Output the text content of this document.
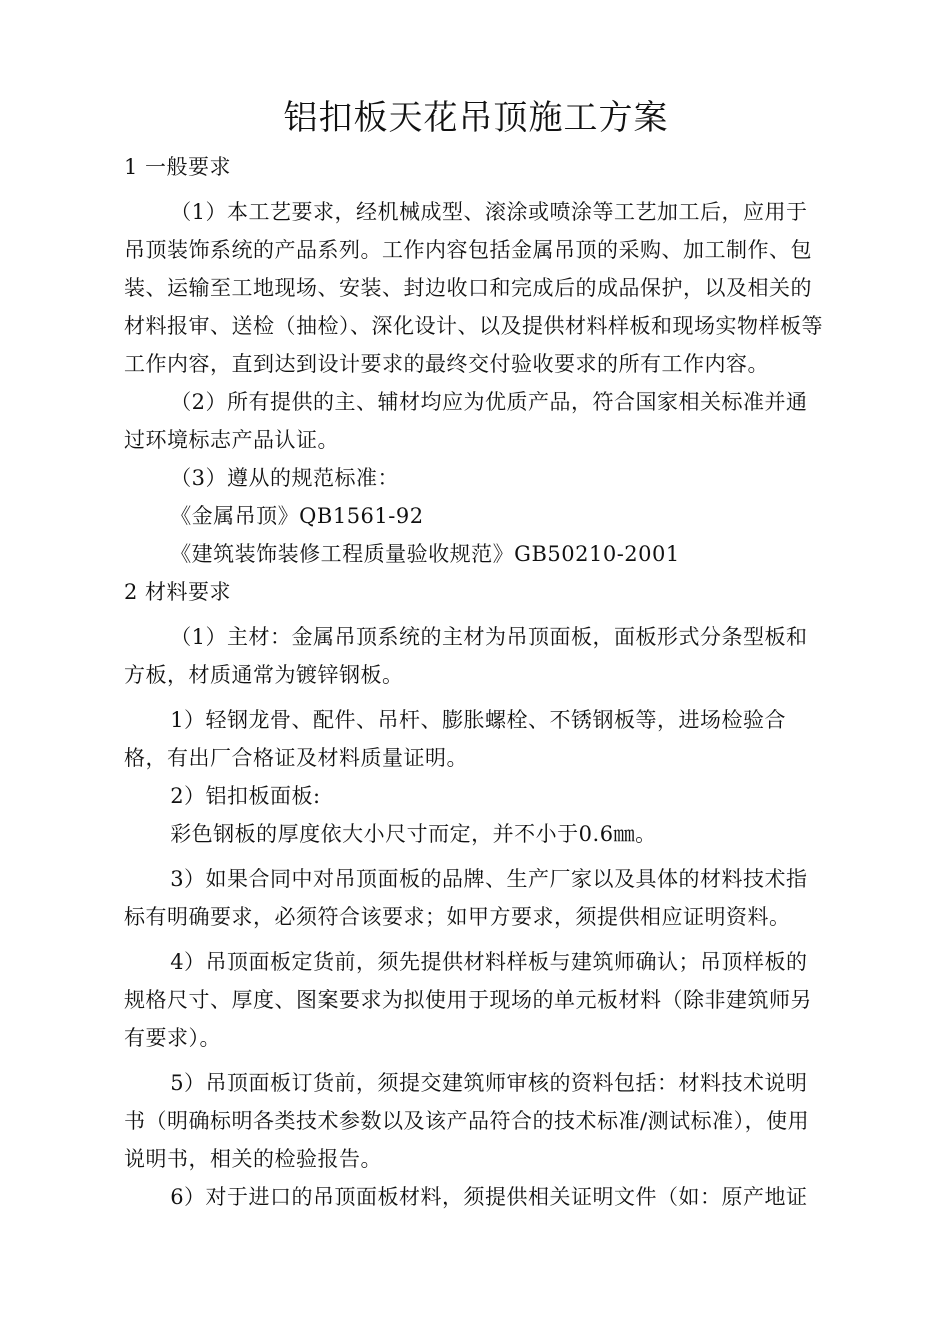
铝扣板天花吊顶施工方案

1 一般要求

（1）本工艺要求，经机械成型、滚涂或喷涂等工艺加工后，应用于吊顶装饰系统的产品系列。工作内容包括金属吊顶的采购、加工制作、包装、运输至工地现场、安装、封边收口和完成后的成品保护，以及相关的材料报审、送检（抽检）、深化设计、以及提供材料样板和现场实物样板等工作内容，直到达到设计要求的最终交付验收要求的所有工作内容。

（2）所有提供的主、辅材均应为优质产品，符合国家相关标准并通过环境标志产品认证。

（3）遵从的规范标准：

《金属吊顶》QB1561-92

《建筑装饰装修工程质量验收规范》GB50210-2001

2 材料要求

（1）主材：金属吊顶系统的主材为吊顶面板，面板形式分条型板和方板，材质通常为镀锌钢板。

1）轻钢龙骨、配件、吊杆、膨胀螺栓、不锈钢板等，进场检验合格，有出厂合格证及材料质量证明。

2）铝扣板面板:

彩色钢板的厚度依大小尺寸而定，并不小于0.6㎜。

3）如果合同中对吊顶面板的品牌、生产厂家以及具体的材料技术指标有明确要求，必须符合该要求；如甲方要求，须提供相应证明资料。

4）吊顶面板定货前，须先提供材料样板与建筑师确认；吊顶样板的规格尺寸、厚度、图案要求为拟使用于现场的单元板材料（除非建筑师另有要求）。

5）吊顶面板订货前，须提交建筑师审核的资料包括：材料技术说明书（明确标明各类技术参数以及该产品符合的技术标准/测试标准），使用说明书，相关的检验报告。

6）对于进口的吊顶面板材料，须提供相关证明文件（如：原产地证
